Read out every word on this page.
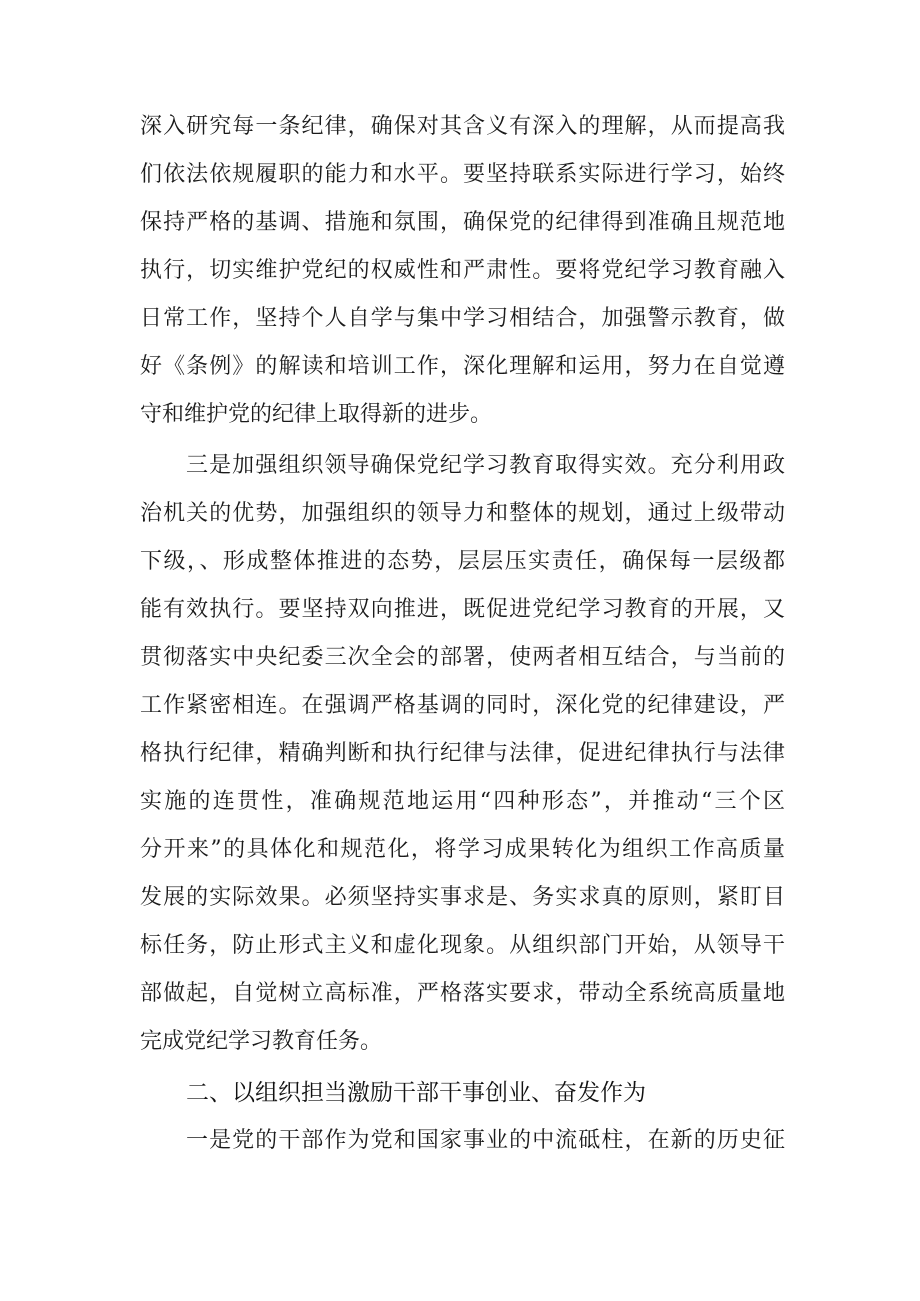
深入研究每一条纪律，确保对其含义有深入的理解，从而提高我
们依法依规履职的能力和水平。要坚持联系实际进行学习，始终
保持严格的基调、措施和氛围，确保党的纪律得到准确且规范地
执行，切实维护党纪的权威性和严肃性。要将党纪学习教育融入
日常工作，坚持个人自学与集中学习相结合，加强警示教育，做
好《条例》的解读和培训工作，深化理解和运用，努力在自觉遵
守和维护党的纪律上取得新的进步。
三是加强组织领导确保党纪学习教育取得实效。充分利用政
治机关的优势，加强组织的领导力和整体的规划，通过上级带动
下级，、形成整体推进的态势，层层压实责任，确保每一层级都
能有效执行。要坚持双向推进，既促进党纪学习教育的开展，又
贯彻落实中央纪委三次全会的部署，使两者相互结合，与当前的
工作紧密相连。在强调严格基调的同时，深化党的纪律建设，严
格执行纪律，精确判断和执行纪律与法律，促进纪律执行与法律
实施的连贯性，准确规范地运用“四种形态”，并推动“三个区
分开来”的具体化和规范化，将学习成果转化为组织工作高质量
发展的实际效果。必须坚持实事求是、务实求真的原则，紧盯目
标任务，防止形式主义和虚化现象。从组织部门开始，从领导干
部做起，自觉树立高标准，严格落实要求，带动全系统高质量地
完成党纪学习教育任务。
二、以组织担当激励干部干事创业、奋发作为
一是党的干部作为党和国家事业的中流砥柱，在新的历史征
